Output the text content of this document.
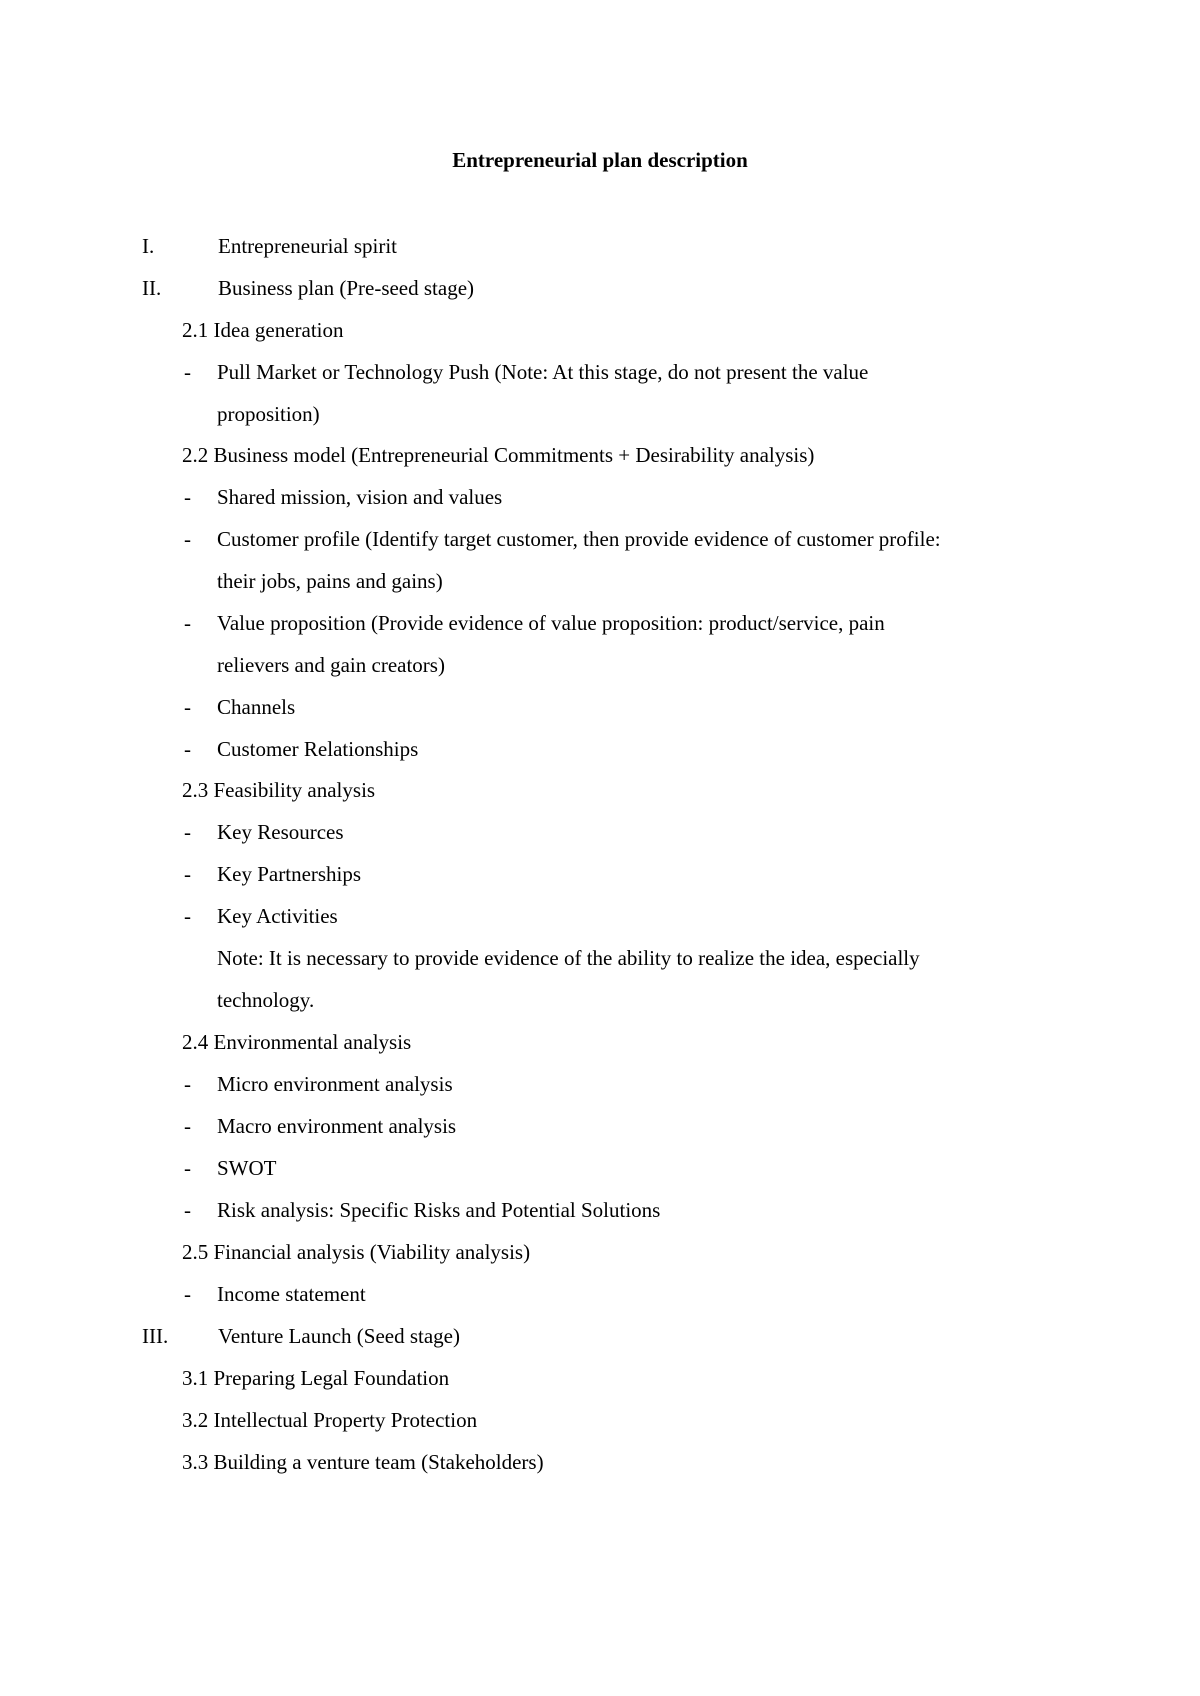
Entrepreneurial plan description
I.	Entrepreneurial spirit
II.	Business plan (Pre-seed stage)
2.1 Idea generation
- Pull Market or Technology Push (Note: At this stage, do not present the value
proposition)
2.2 Business model (Entrepreneurial Commitments + Desirability analysis)
- Shared mission, vision and values
- Customer profile (Identify target customer, then provide evidence of customer profile:
their jobs, pains and gains)
- Value proposition (Provide evidence of value proposition: product/service, pain
relievers and gain creators)
- Channels
- Customer Relationships
2.3 Feasibility analysis
- Key Resources
- Key Partnerships
- Key Activities
Note: It is necessary to provide evidence of the ability to realize the idea, especially
technology.
2.4 Environmental analysis
- Micro environment analysis
- Macro environment analysis
- SWOT
- Risk analysis: Specific Risks and Potential Solutions
2.5 Financial analysis (Viability analysis)
- Income statement
III. Venture Launch (Seed stage)
3.1 Preparing Legal Foundation
3.2 Intellectual Property Protection
3.3 Building a venture team (Stakeholders)
